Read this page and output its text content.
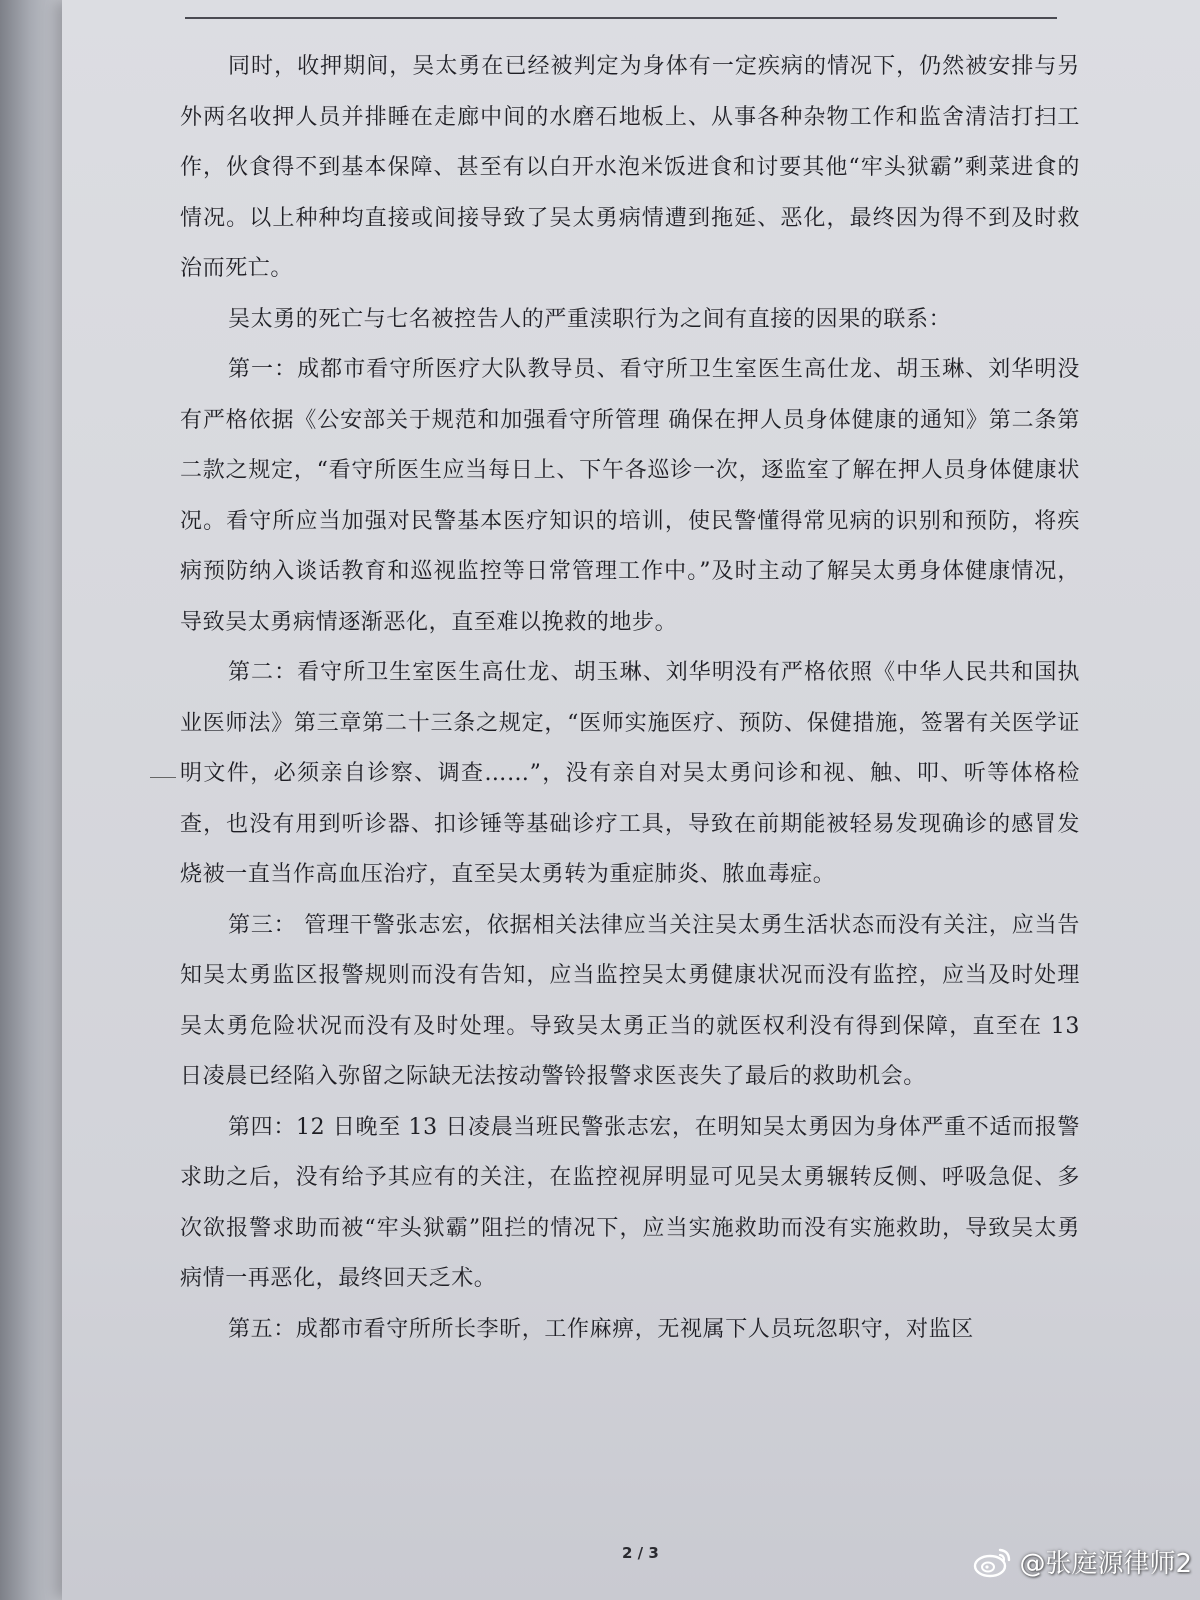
同时，收押期间，吴太勇在已经被判定为身体有一定疾病的情况下，仍然被安排与另外两名收押人员并排睡在走廊中间的水磨石地板上、从事各种杂物工作和监舍清洁打扫工作，伙食得不到基本保障、甚至有以白开水泡米饭进食和讨要其他“牢头狱霸”剩菜进食的情况。以上种种均直接或间接导致了吴太勇病情遭到拖延、恶化，最终因为得不到及时救治而死亡。

吴太勇的死亡与七名被控告人的严重渎职行为之间有直接的因果的联系：

第一：成都市看守所医疗大队教导员、看守所卫生室医生高仕龙、胡玉琳、刘华明没有严格依据《公安部关于规范和加强看守所管理 确保在押人员身体健康的通知》第二条第二款之规定，“看守所医生应当每日上、下午各巡诊一次，逐监室了解在押人员身体健康状况。看守所应当加强对民警基本医疗知识的培训，使民警懂得常见病的识别和预防，将疾病预防纳入谈话教育和巡视监控等日常管理工作中。”及时主动了解吴太勇身体健康情况，导致吴太勇病情逐渐恶化，直至难以挽救的地步。

第二：看守所卫生室医生高仕龙、胡玉琳、刘华明没有严格依照《中华人民共和国执业医师法》第三章第二十三条之规定，“医师实施医疗、预防、保健措施，签署有关医学证明文件，必须亲自诊察、调查……”，没有亲自对吴太勇问诊和视、触、叩、听等体格检查，也没有用到听诊器、扣诊锤等基础诊疗工具，导致在前期能被轻易发现确诊的感冒发烧被一直当作高血压治疗，直至吴太勇转为重症肺炎、脓血毒症。

第三： 管理干警张志宏，依据相关法律应当关注吴太勇生活状态而没有关注，应当告知吴太勇监区报警规则而没有告知，应当监控吴太勇健康状况而没有监控，应当及时处理吴太勇危险状况而没有及时处理。导致吴太勇正当的就医权利没有得到保障，直至在 13 日凌晨已经陷入弥留之际缺无法按动警铃报警求医丧失了最后的救助机会。

第四：12 日晚至 13 日凌晨当班民警张志宏，在明知吴太勇因为身体严重不适而报警求助之后，没有给予其应有的关注，在监控视屏明显可见吴太勇辗转反侧、呼吸急促、多次欲报警求助而被“牢头狱霸”阻拦的情况下，应当实施救助而没有实施救助，导致吴太勇病情一再恶化，最终回天乏术。

第五：成都市看守所所长李昕，工作麻痹，无视属下人员玩忽职守，对监区

2 / 3	@张庭源律师2
